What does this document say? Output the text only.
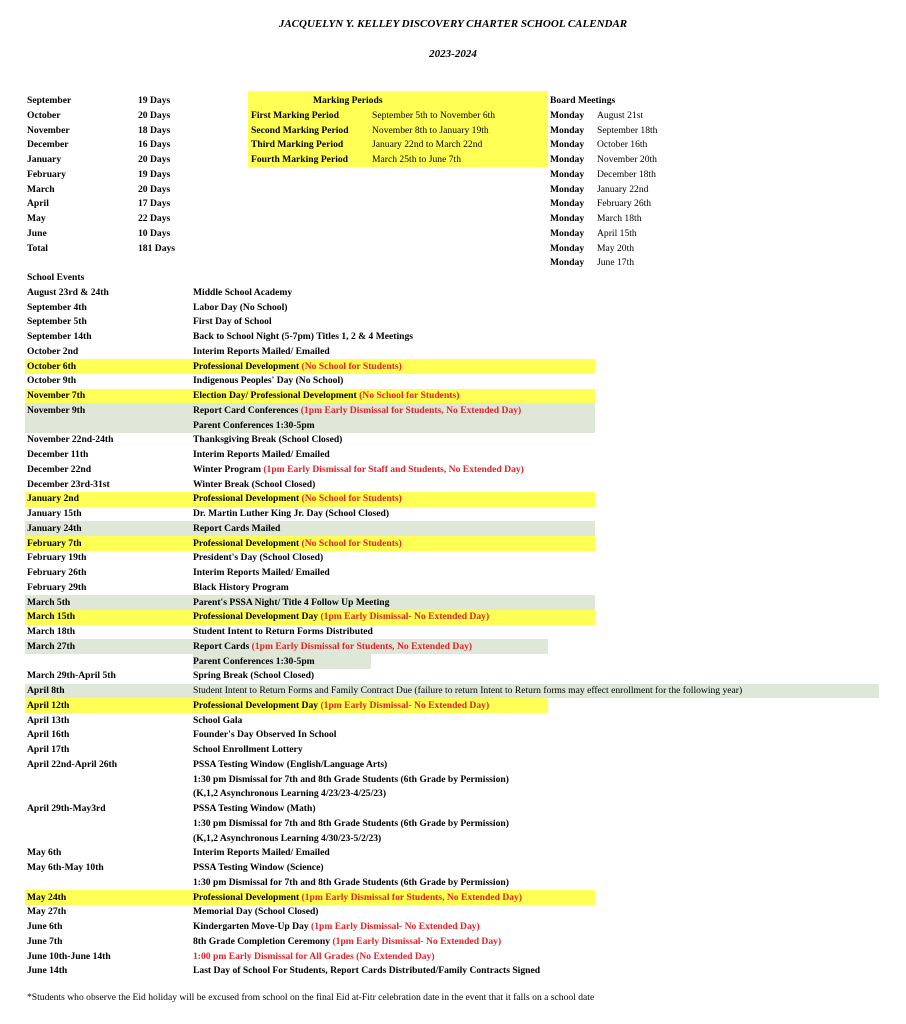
JACQUELYN Y. KELLEY DISCOVERY CHARTER SCHOOL CALENDAR
2023-2024
September	19 Days
October	20 Days
November	18 Days
December	16 Days
January	20 Days
February	19 Days
March	20 Days
April	17 Days
May	22 Days
June	10 Days
Total	181 Days
Marking Periods
First Marking Period	September 5th to November 6th
Second Marking Period November 8th to January 19th
Third Marking Period	January 22nd to March 22nd
Fourth Marking Period	March 25th to June 7th
Board Meetings
Monday August 21st
Monday September 18th
Monday October 16th
Monday November 20th
Monday December 18th
Monday January 22nd
Monday February 26th
Monday March 18th
Monday April 15th
Monday May 20th
Monday June 17th
School Events
August 23rd & 24th	Middle School Academy
September 4th	Labor Day (No School)
September 5th	First Day of School
September 14th	Back to School Night (5-7pm) Titles 1, 2 & 4 Meetings
October 2nd	Interim Reports Mailed/ Emailed
October 6th	Professional Development (No School for Students)
October 9th	Indigenous Peoples' Day (No School)
November 7th	Election Day/ Professional Development (No School for Students)
November 9th	Report Card Conferences (1pm Early Dismissal for Students, No Extended Day)
Parent Conferences 1:30-5pm
November 22nd-24th	Thanksgiving Break (School Closed)
December 11th	Interim Reports Mailed/ Emailed
December 22nd	Winter Program (1pm Early Dismissal for Staff and Students, No Extended Day)
December 23rd-31st	Winter Break (School Closed)
January 2nd	Professional Development (No School for Students)
January 15th	Dr. Martin Luther King Jr. Day (School Closed)
January 24th	Report Cards Mailed
February 7th	Professional Development (No School for Students)
February 19th	President's Day (School Closed)
February 26th	Interim Reports Mailed/ Emailed
February 29th	Black History Program
March 5th	Parent's PSSA Night/ Title 4 Follow Up Meeting
March 15th	Professional Development Day (1pm Early Dismissal- No Extended Day)
March 18th	Student Intent to Return Forms Distributed
March 27th	Report Cards (1pm Early Dismissal for Students, No Extended Day)
Parent Conferences 1:30-5pm
March 29th-April 5th	Spring Break (School Closed)
April 8th	Student Intent to Return Forms and Family Contract Due (failure to return Intent to Return forms may effect enrollment for the following year)
April 12th	Professional Development Day (1pm Early Dismissal- No Extended Day)
April 13th	School Gala
April 16th	Founder's Day Observed In School
April 17th	School Enrollment Lottery
April 22nd-April 26th	PSSA Testing Window (English/Language Arts)
1:30 pm Dismissal for 7th and 8th Grade Students (6th Grade by Permission)
(K,1,2 Asynchronous Learning 4/23/23-4/25/23)
April 29th-May3rd	PSSA Testing Window (Math)
1:30 pm Dismissal for 7th and 8th Grade Students (6th Grade by Permission)
(K,1,2 Asynchronous Learning 4/30/23-5/2/23)
May 6th	Interim Reports Mailed/ Emailed
May 6th-May 10th	PSSA Testing Window (Science)
1:30 pm Dismissal for 7th and 8th Grade Students (6th Grade by Permission)
May 24th	Professional Development (1pm Early Dismissal for Students, No Extended Day)
May 27th	Memorial Day (School Closed)
June 6th	Kindergarten Move-Up Day (1pm Early Dismissal- No Extended Day)
June 7th	8th Grade Completion Ceremony (1pm Early Dismissal- No Extended Day)
June 10th-June 14th	1:00 pm Early Dismissal for All Grades (No Extended Day)
June 14th	Last Day of School For Students, Report Cards Distributed/Family Contracts Signed
*Students who observe the Eid holiday will be excused from school on the final Eid at-Fitr celebration date in the event that it falls on a school date
